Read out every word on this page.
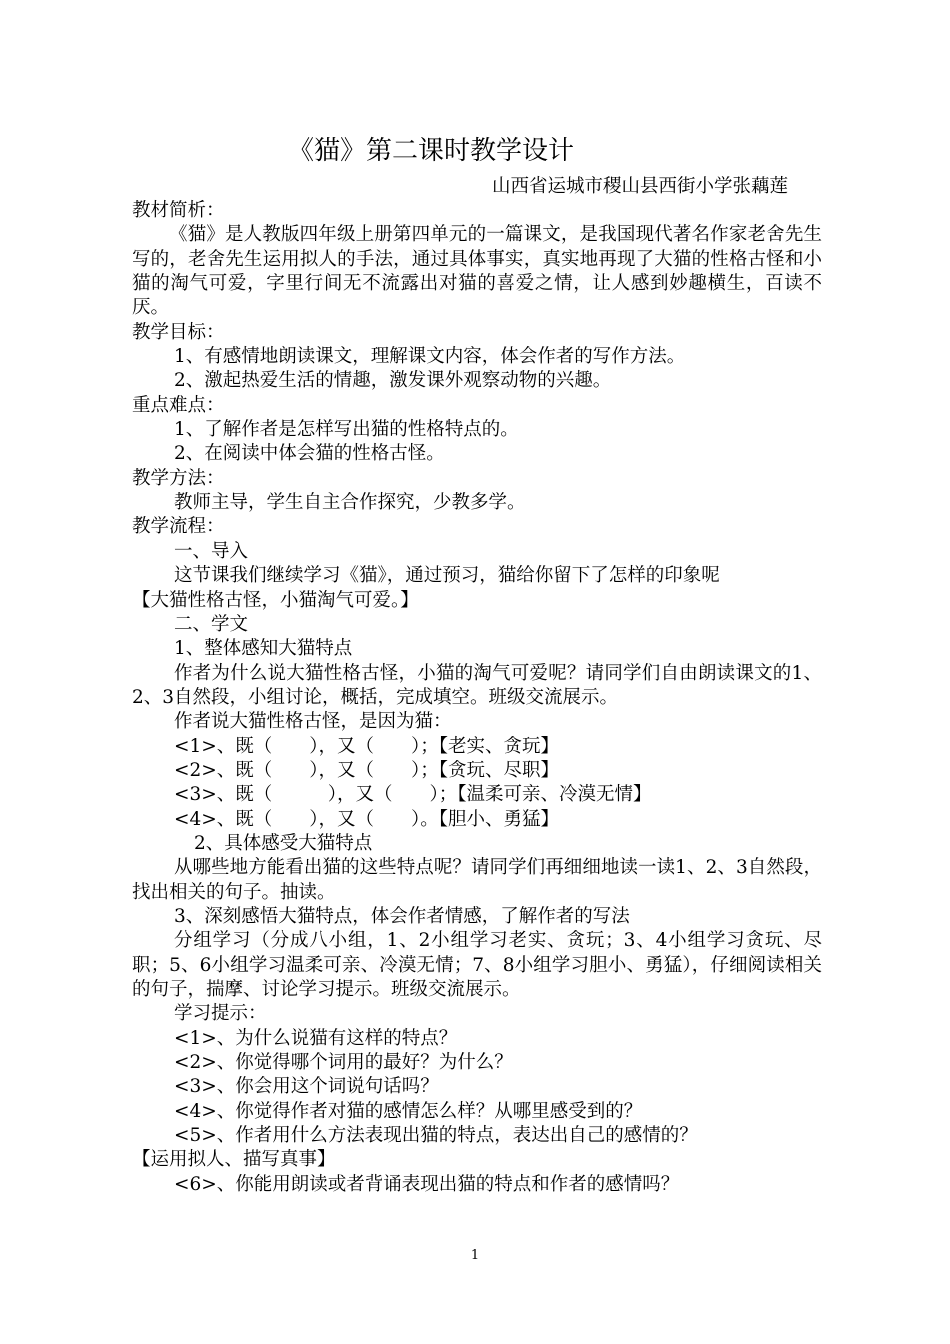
《猫》第二课时教学设计
山西省运城市稷山县西街小学张藕莲

教材简析：

《猫》是人教版四年级上册第四单元的一篇课文，是我国现代著名作家老舍先生写的，老舍先生运用拟人的手法，通过具体事实，真实地再现了大猫的性格古怪和小猫的淘气可爱，字里行间无不流露出对猫的喜爱之情，让人感到妙趣横生，百读不厌。

教学目标：

1、有感情地朗读课文，理解课文内容，体会作者的写作方法。

2、激起热爱生活的情趣，激发课外观察动物的兴趣。

重点难点：

1、了解作者是怎样写出猫的性格特点的。

2、在阅读中体会猫的性格古怪。

教学方法：

教师主导，学生自主合作探究，少教多学。

教学流程：

一、导入

这节课我们继续学习《猫》，通过预习，猫给你留下了怎样的印象呢

【大猫性格古怪，小猫淘气可爱。】

二、学文

1、整体感知大猫特点

作者为什么说大猫性格古怪，小猫的淘气可爱呢？请同学们自由朗读课文的1、2、3自然段，小组讨论，概括，完成填空。班级交流展示。

作者说大猫性格古怪，是因为猫：

<1>、既（　　），又（　　）；【老实、贪玩】

<2>、既（　　），又（　　）；【贪玩、尽职】

<3>、既（　　　），又（　　）；【温柔可亲、冷漠无情】

<4>、既（　　），又（　　）。【胆小、勇猛】

2、具体感受大猫特点

从哪些地方能看出猫的这些特点呢？请同学们再细细地读一读1、2、3自然段，找出相关的句子。抽读。

3、深刻感悟大猫特点，体会作者情感，了解作者的写法

分组学习（分成八小组，1、2小组学习老实、贪玩；3、4小组学习贪玩、尽职；5、6小组学习温柔可亲、冷漠无情；7、8小组学习胆小、勇猛），仔细阅读相关的句子，揣摩、讨论学习提示。班级交流展示。

学习提示：

<1>、为什么说猫有这样的特点？

<2>、你觉得哪个词用的最好？为什么？

<3>、你会用这个词说句话吗？

<4>、你觉得作者对猫的感情怎么样？从哪里感受到的？

<5>、作者用什么方法表现出猫的特点，表达出自己的感情的？

【运用拟人、描写真事】

<6>、你能用朗读或者背诵表现出猫的特点和作者的感情吗？

1
